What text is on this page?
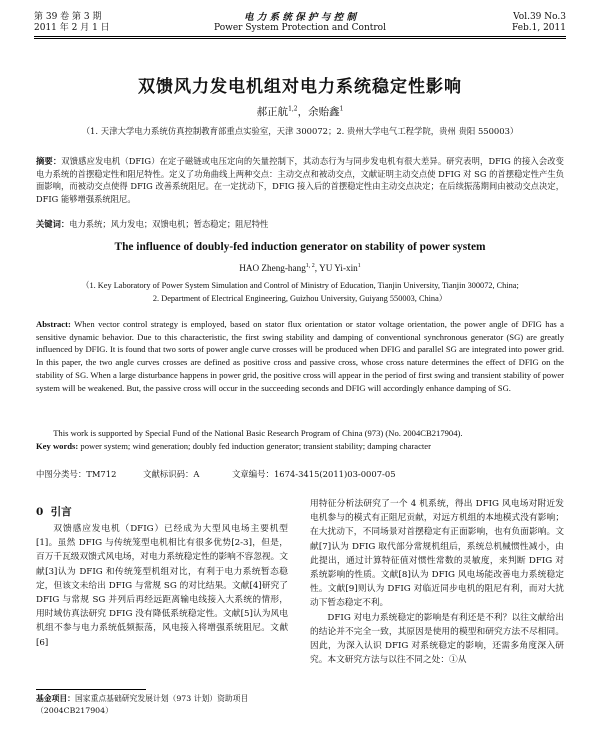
第 39 卷 第 3 期
2011 年 2 月 1 日
电 力 系 统 保 护 与 控 制
Power System Protection and Control
Vol.39 No.3
Feb.1, 2011
双馈风力发电机组对电力系统稳定性影响
郝正航$^{1,2}$，余贻鑫$^1$
（1. 天津大学电力系统仿真控制教育部重点实验室，天津 300072；2. 贵州大学电气工程学院，贵州 贵阳 550003）
摘要：双馈感应发电机（DFIG）在定子磁链或电压定向的矢量控制下，其动态行为与同步发电机有很大差异。研究表明，DFIG 的接入会改变电力系统的首摆稳定性和阻尼特性。定义了功角曲线上两种交点：主动交点和被动交点，文献证明主动交点使 DFIG 对 SG 的首摆稳定性产生负面影响，而被动交点使得 DFIG 改善系统阻尼。在一定扰动下，DFIG 接入后的首摆稳定性由主动交点决定；在后续振荡期间由被动交点决定，DFIG 能够增强系统阻尼。
关键词：电力系统；风力发电；双馈电机；暂态稳定；阻尼特性
The influence of doubly-fed induction generator on stability of power system
HAO Zheng-hang$^{1, 2}$, YU Yi-xin$^1$
（1. Key Laboratory of Power System Simulation and Control of Ministry of Education, Tianjin University, Tianjin 300072, China;
2. Department of Electrical Engineering, Guizhou University, Guiyang 550003, China）
Abstract: When vector control strategy is employed, based on stator flux orientation or stator voltage orientation, the power angle of DFIG has a sensitive dynamic behavior. Due to this characteristic, the first swing stability and damping of conventional synchronous generator (SG) are greatly influenced by DFIG. It is found that two sorts of power angle curve crosses will be produced when DFIG and parallel SG are integrated into power grid. In this paper, the two angle curves crosses are defined as positive cross and passive cross, whose cross nature determines the effect of DFIG on the stability of SG. When a large disturbance happens in power grid, the positive cross will appear in the period of first swing and transient stability of power system will be weakened. But, the passive cross will occur in the succeeding seconds and DFIG will accordingly enhance damping of SG.
This work is supported by Special Fund of the National Basic Research Program of China (973) (No. 2004CB217904).
Key words: power system; wind generation; doubly fed induction generator; transient stability; damping character
中图分类号：TM712	文献标识码：A	文章编号：1674-3415(2011)03-0007-05
0 引言

双馈感应发电机（DFIG）已经成为大型风电场主要机型[1]。虽然 DFIG 与传统笼型电机相比有很多优势[2-3]，但是，百万千瓦级双馈式风电场，对电力系统稳定性的影响不容忽视。文献[3]认为 DFIG 和传统笼型机组对比，有利于电力系统暂态稳定，但该文未给出 DFIG 与常规 SG 的对比结果。文献[4]研究了 DFIG 与常规 SG 并列后再经远距离输电线接入大系统的情形，用时域仿真法研究 DFIG 没有降低系统稳定性。文献[5]认为风电机组不参与电力系统低频振荡，风电接入将增强系统阻尼。文献[6]

基金项目：国家重点基础研究发展计划（973 计划）资助项目（2004CB217904）

用特征分析法研究了一个 4 机系统，得出 DFIG 风电场对附近发电机参与的模式有正阻尼贡献，对远方机组的本地模式没有影响；在大扰动下，不同场景对首摆稳定有正面影响，也有负面影响。文献[7]认为 DFIG 取代部分常规机组后，系统总机械惯性减小，由此提出，通过计算特征值对惯性常数的灵敏度，来判断 DFIG 对系统影响的性质。文献[8]认为 DFIG 风电场能改善电力系统稳定性。文献[9]则认为 DFIG 对临近同步电机的阻尼有利，而对大扰动下暂态稳定不利。

DFIG 对电力系统稳定的影响是有利还是不利？以往文献给出的结论并不完全一致，其原因是使用的模型和研究方法不尽相同。因此，为深入认识 DFIG 对系统稳定的影响，还需多角度深入研究。本文研究方法与以往不同之处：①从
